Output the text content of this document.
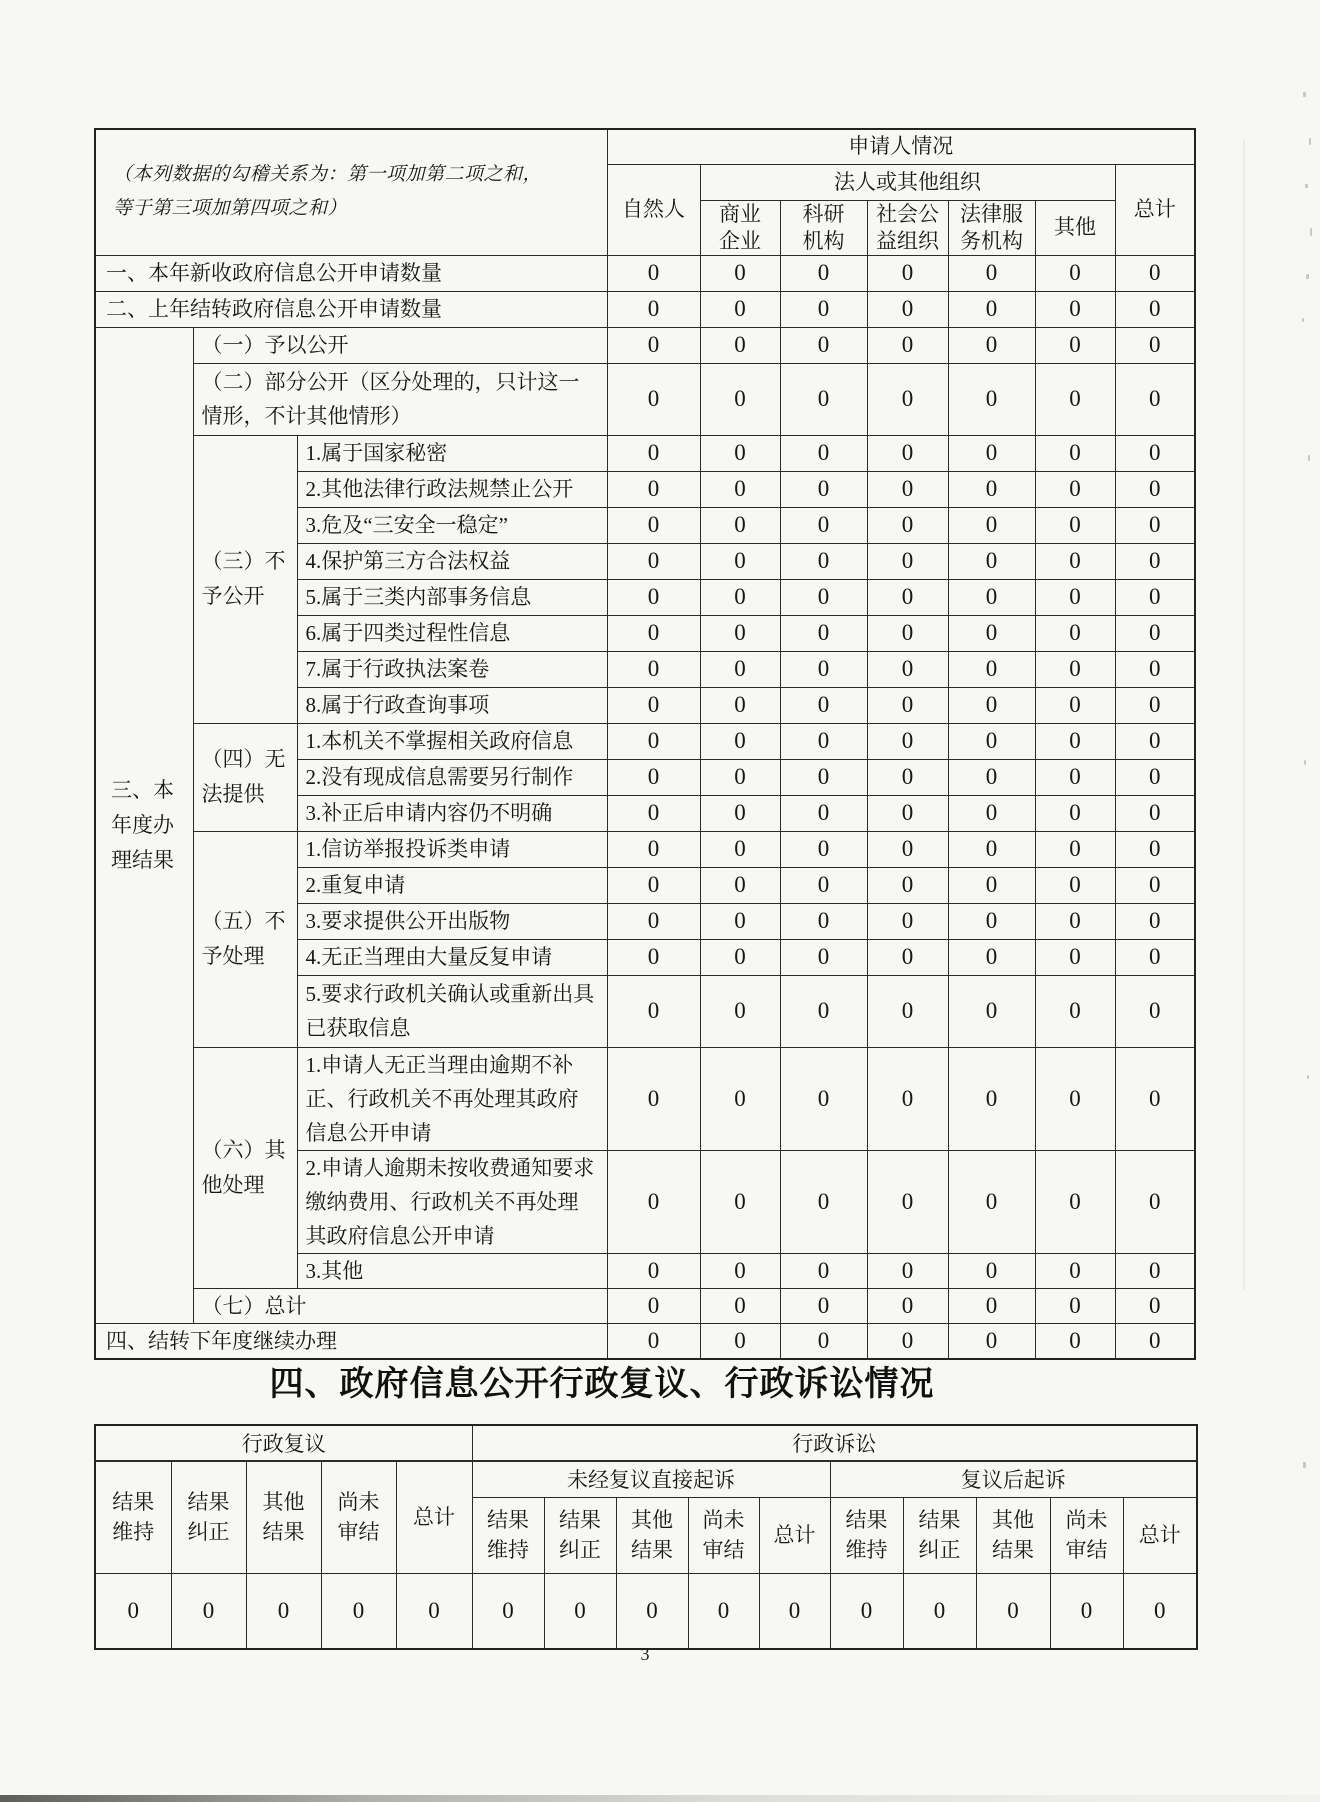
（本列数据的勾稽关系为：第一项加第二项之和，
等于第三项加第四项之和）			申请人情况						
			自然人	法人或其他组织					总计
				商业企业	科研机构	社会公益组织	法律服务机构	其他	
一、本年新收政府信息公开申请数量			0	0	0	0	0	0	0
二、上年结转政府信息公开申请数量			0	0	0	0	0	0	0
三、本年度办理结果	（一）予以公开		0	0	0	0	0	0	0
	（二）部分公开（区分处理的，只计这一情形，不计其他情形）		0	0	0	0	0	0	0
	（三）不予公开	1.属于国家秘密	0	0	0	0	0	0	0
		2.其他法律行政法规禁止公开	0	0	0	0	0	0	0
		3.危及“三安全一稳定”	0	0	0	0	0	0	0
		4.保护第三方合法权益	0	0	0	0	0	0	0
		5.属于三类内部事务信息	0	0	0	0	0	0	0
		6.属于四类过程性信息	0	0	0	0	0	0	0
		7.属于行政执法案卷	0	0	0	0	0	0	0
		8.属于行政查询事项	0	0	0	0	0	0	0
	（四）无法提供	1.本机关不掌握相关政府信息	0	0	0	0	0	0	0
		2.没有现成信息需要另行制作	0	0	0	0	0	0	0
		3.补正后申请内容仍不明确	0	0	0	0	0	0	0
	（五）不予处理	1.信访举报投诉类申请	0	0	0	0	0	0	0
		2.重复申请	0	0	0	0	0	0	0
		3.要求提供公开出版物	0	0	0	0	0	0	0
		4.无正当理由大量反复申请	0	0	0	0	0	0	0
		5.要求行政机关确认或重新出具已获取信息	0	0	0	0	0	0	0
	（六）其他处理	1.申请人无正当理由逾期不补正、行政机关不再处理其政府信息公开申请	0	0	0	0	0	0	0
		2.申请人逾期未按收费通知要求缴纳费用、行政机关不再处理其政府信息公开申请	0	0	0	0	0	0	0
		3.其他	0	0	0	0	0	0	0
	（七）总计		0	0	0	0	0	0	0
四、结转下年度继续办理			0	0	0	0	0	0	0
四、政府信息公开行政复议、行政诉讼情况
行政复议					行政诉讼									
结果维持	结果纠正	其他结果	尚未审结	总计	未经复议直接起诉					复议后起诉				
					结果维持	结果纠正	其他结果	尚未审结	总计	结果维持	结果纠正	其他结果	尚未审结	总计
0	0	0	0	0	0	0	0	0	0	0	0	0	0	0
3
